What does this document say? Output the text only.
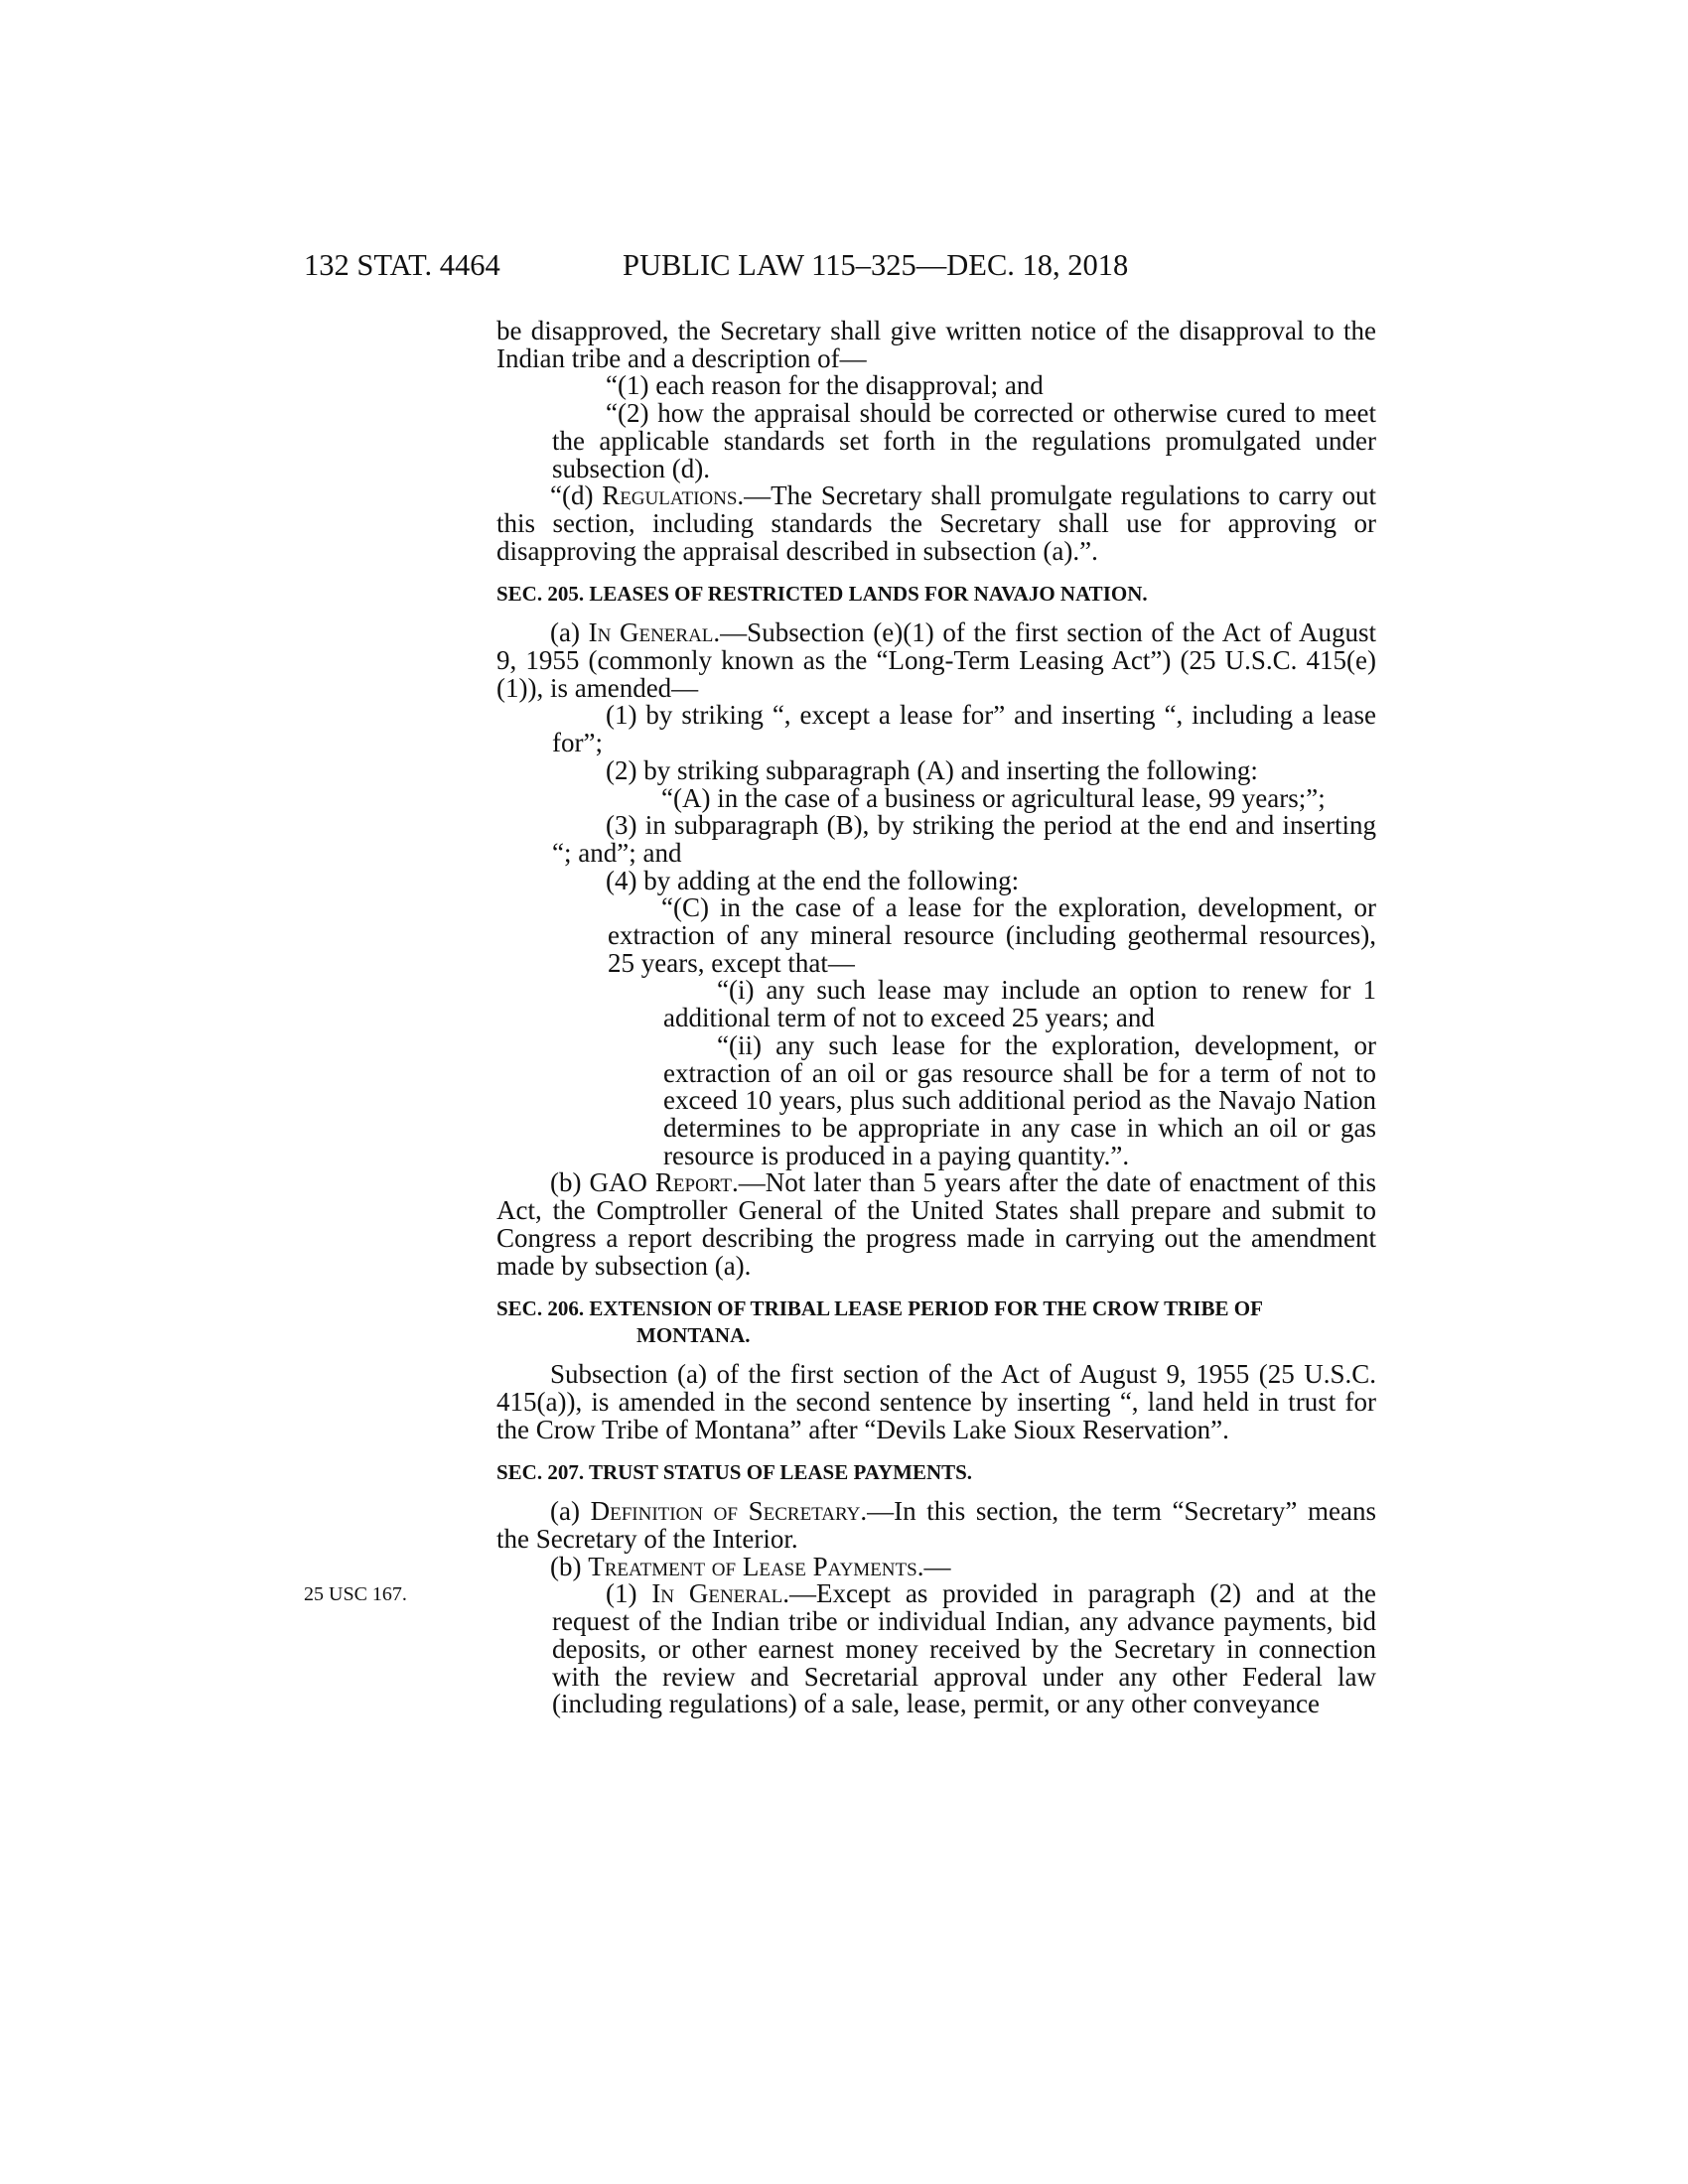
132 STAT. 4464	PUBLIC LAW 115–325—DEC. 18, 2018
25 USC 167.

be disapproved, the Secretary shall give written notice of the disapproval to the Indian tribe and a description of—

“(1) each reason for the disapproval; and

“(2) how the appraisal should be corrected or otherwise cured to meet the applicable standards set forth in the regulations promulgated under subsection (d).

“(d) Regulations.—The Secretary shall promulgate regulations to carry out this section, including standards the Secretary shall use for approving or disapproving the appraisal described in subsection (a).”.

SEC. 205. LEASES OF RESTRICTED LANDS FOR NAVAJO NATION.

(a) In General.—Subsection (e)(1) of the first section of the Act of August 9, 1955 (commonly known as the “Long-Term Leasing Act”) (25 U.S.C. 415(e)(1)), is amended—

(1) by striking “, except a lease for” and inserting “, including a lease for”;

(2) by striking subparagraph (A) and inserting the following:

“(A) in the case of a business or agricultural lease, 99 years;”;

(3) in subparagraph (B), by striking the period at the end and inserting “; and”; and

(4) by adding at the end the following:

“(C) in the case of a lease for the exploration, development, or extraction of any mineral resource (including geothermal resources), 25 years, except that—

“(i) any such lease may include an option to renew for 1 additional term of not to exceed 25 years; and

“(ii) any such lease for the exploration, development, or extraction of an oil or gas resource shall be for a term of not to exceed 10 years, plus such additional period as the Navajo Nation determines to be appropriate in any case in which an oil or gas resource is produced in a paying quantity.”.

(b) GAO Report.—Not later than 5 years after the date of enactment of this Act, the Comptroller General of the United States shall prepare and submit to Congress a report describing the progress made in carrying out the amendment made by subsection (a).

SEC. 206. EXTENSION OF TRIBAL LEASE PERIOD FOR THE CROW TRIBE OF MONTANA.

Subsection (a) of the first section of the Act of August 9, 1955 (25 U.S.C. 415(a)), is amended in the second sentence by inserting “, land held in trust for the Crow Tribe of Montana” after “Devils Lake Sioux Reservation”.

SEC. 207. TRUST STATUS OF LEASE PAYMENTS.

(a) Definition of Secretary.—In this section, the term “Secretary” means the Secretary of the Interior.

(b) Treatment of Lease Payments.—

(1) In General.—Except as provided in paragraph (2) and at the request of the Indian tribe or individual Indian, any advance payments, bid deposits, or other earnest money received by the Secretary in connection with the review and Secretarial approval under any other Federal law (including regulations) of a sale, lease, permit, or any other conveyance
